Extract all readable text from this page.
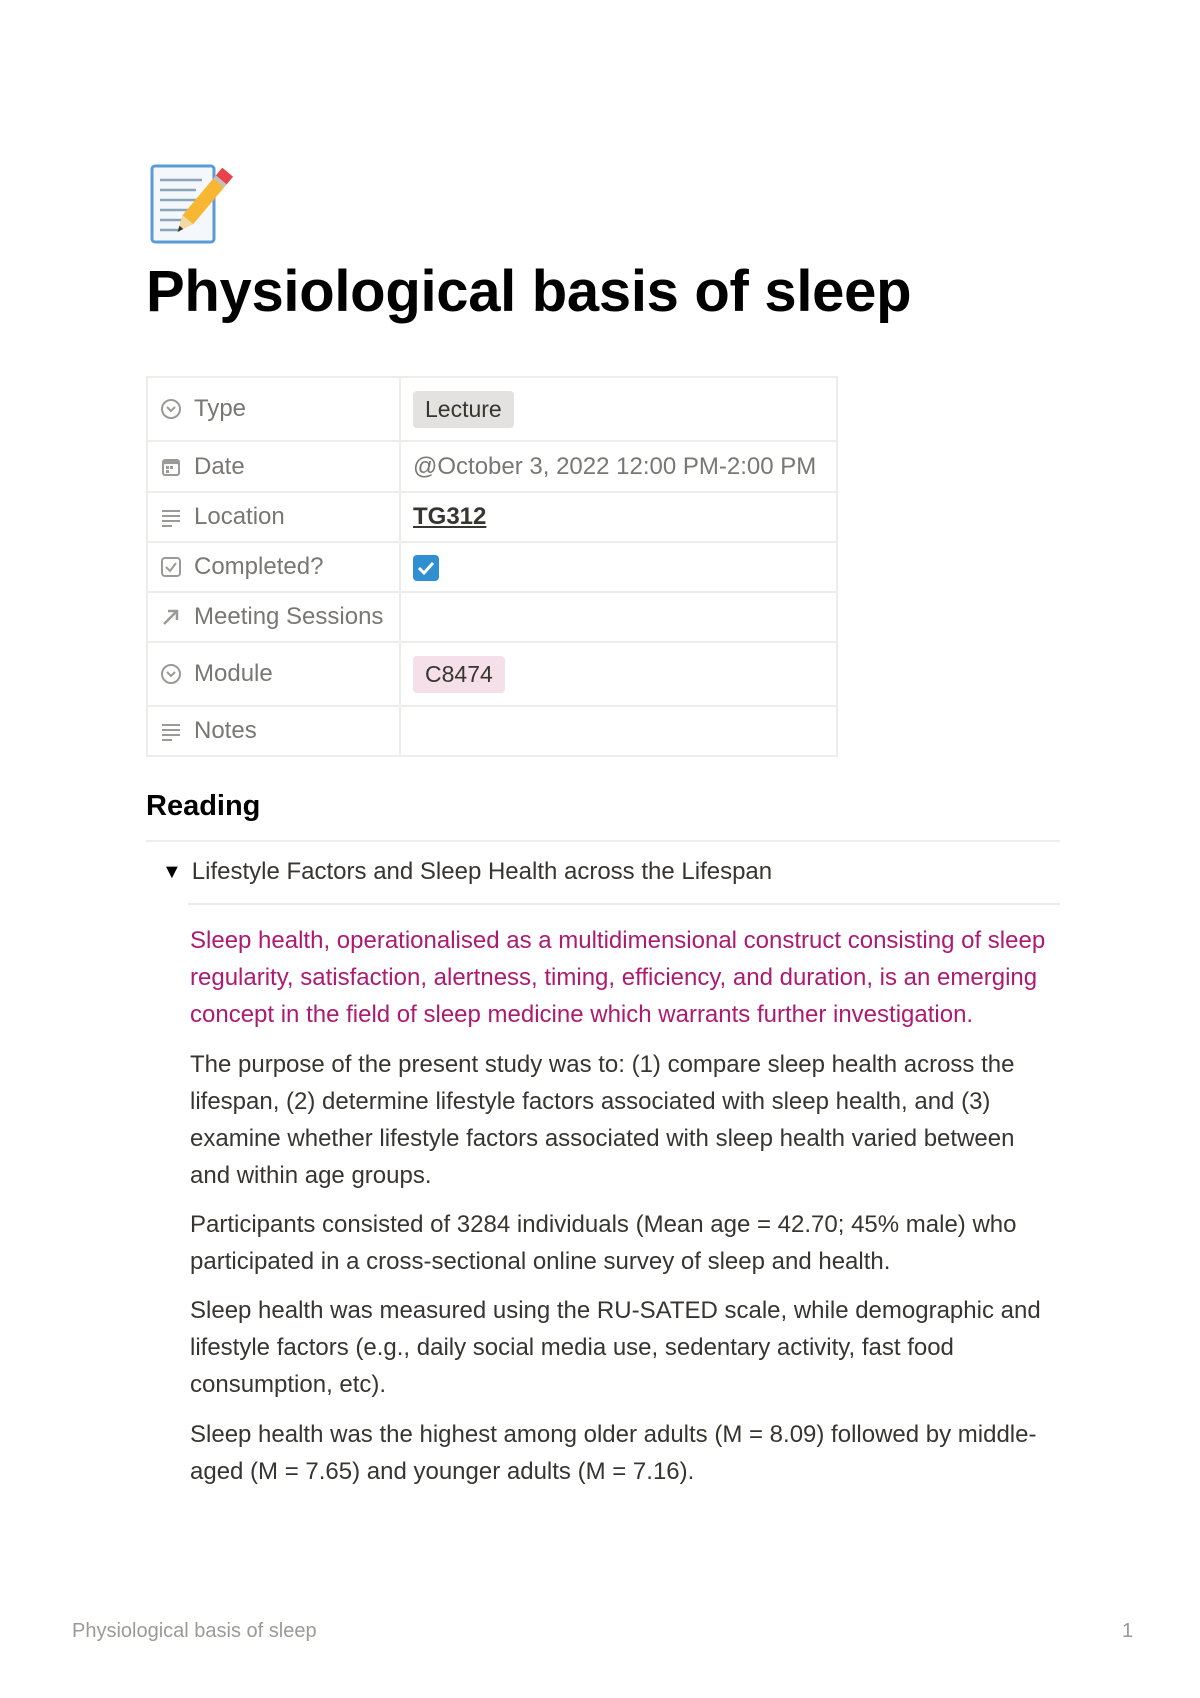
Physiological basis of sleep
Type	Lecture

Date	@October 3, 2022 12:00 PM-2:00 PM

Location	TG312

Completed?

Meeting Sessions	

Module	C8474

Notes	

Reading
▼ Lifestyle Factors and Sleep Health across the Lifespan

Sleep health, operationalised as a multidimensional construct consisting of sleep regularity, satisfaction, alertness, timing, efficiency, and duration, is an emerging concept in the field of sleep medicine which warrants further investigation.

The purpose of the present study was to: (1) compare sleep health across the lifespan, (2) determine lifestyle factors associated with sleep health, and (3) examine whether lifestyle factors associated with sleep health varied between and within age groups.

Participants consisted of 3284 individuals (Mean age = 42.70; 45% male) who participated in a cross-sectional online survey of sleep and health.

Sleep health was measured using the RU-SATED scale, while demographic and lifestyle factors (e.g., daily social media use, sedentary activity, fast food consumption, etc).

Sleep health was the highest among older adults (M = 8.09) followed by middle-aged (M = 7.65) and younger adults (M = 7.16).

Physiological basis of sleep	1
